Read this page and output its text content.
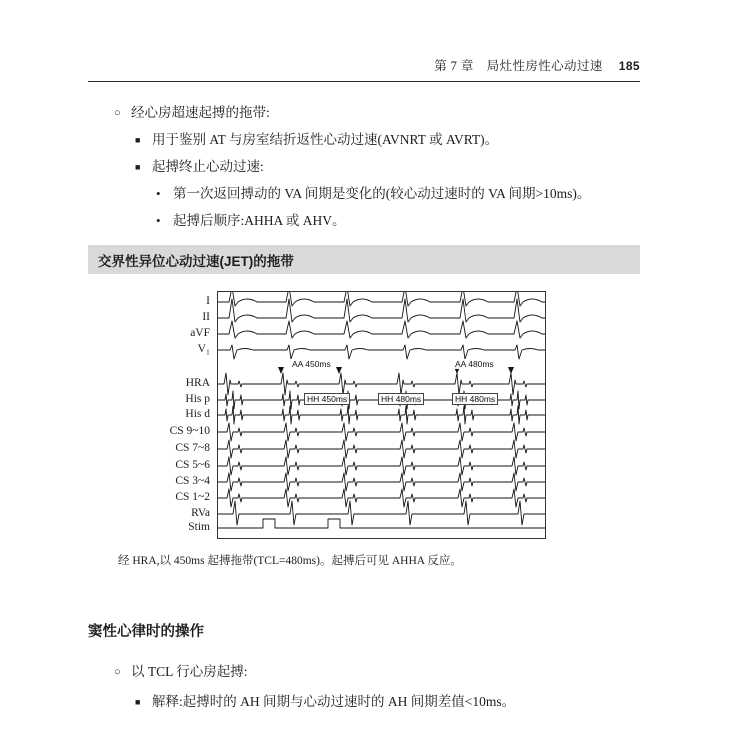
第 7 章　局灶性房性心动过速 185
○ 经心房超速起搏的拖带:
■ 用于鉴别 AT 与房室结折返性心动过速(AVNRT 或 AVRT)。
■ 起搏终止心动过速:
• 第一次返回搏动的 VA 间期是变化的(较心动过速时的 VA 间期>10ms)。
• 起搏后顺序:AHHA 或 AHV。
交界性异位心动过速(JET)的拖带
I
II
aVF
V₁
HRA
His p
His d
CS 9~10
CS 7~8
CS 5~6
CS 3~4
CS 1~2
RVa
Stim
AA 450ms	AA 480ms
HH 450ms	HH 480ms	HH 480ms
经 HRA,以 450ms 起搏拖带(TCL=480ms)。起搏后可见 AHHA 反应。
窦性心律时的操作
○ 以 TCL 行心房起搏:
■ 解释:起搏时的 AH 间期与心动过速时的 AH 间期差值<10ms。
